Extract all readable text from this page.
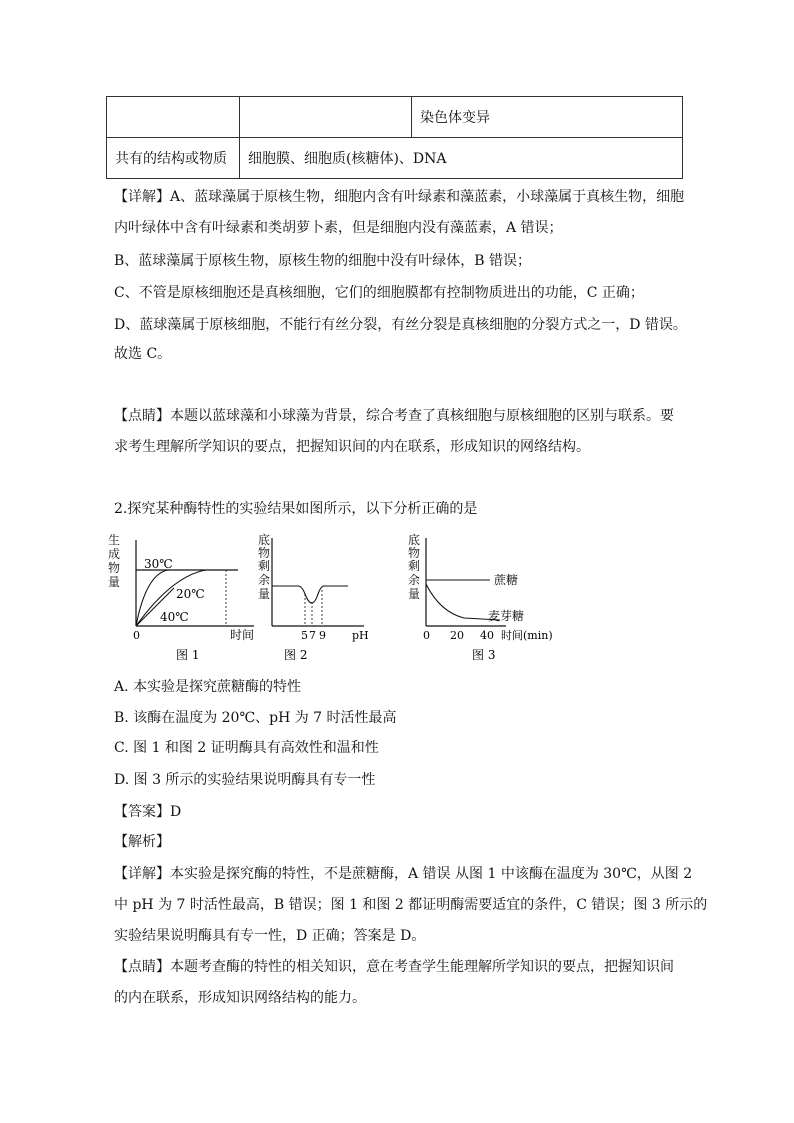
		染色体变异
共有的结构或物质	细胞膜、细胞质(核糖体)、DNA	
【详解】A、蓝球藻属于原核生物，细胞内含有叶绿素和藻蓝素，小球藻属于真核生物，细胞
内叶绿体中含有叶绿素和类胡萝卜素，但是细胞内没有藻蓝素，A 错误；
B、蓝球藻属于原核生物，原核生物的细胞中没有叶绿体，B 错误；
C、不管是原核细胞还是真核细胞，它们的细胞膜都有控制物质进出的功能，C 正确；
D、蓝球藻属于原核细胞，不能行有丝分裂，有丝分裂是真核细胞的分裂方式之一，D 错误。
故选 C。
【点睛】本题以蓝球藻和小球藻为背景，综合考查了真核细胞与原核细胞的区别与联系。要
求考生理解所学知识的要点，把握知识间的内在联系，形成知识的网络结构。
2.探究某种酶特性的实验结果如图所示，以下分析正确的是
生
成
物
量
30℃
20℃
40℃
0	时间
图 1
底
物
剩
余
量
5 7 9 pH
图 2
底
物
剩
余
量
蔗糖
麦芽糖
0 20 40 时间(min)
图 3
A. 本实验是探究蔗糖酶的特性
B. 该酶在温度为 20℃、pH 为 7 时活性最高
C. 图 1 和图 2 证明酶具有高效性和温和性
D. 图 3 所示的实验结果说明酶具有专一性
【答案】D
【解析】
【详解】本实验是探究酶的特性，不是蔗糖酶，A 错误 从图 1 中该酶在温度为 30℃，从图 2
中 pH 为 7 时活性最高，B 错误；图 1 和图 2 都证明酶需要适宜的条件，C 错误；图 3 所示的
实验结果说明酶具有专一性，D 正确；答案是 D。
【点睛】本题考查酶的特性的相关知识，意在考查学生能理解所学知识的要点，把握知识间
的内在联系，形成知识网络结构的能力。
